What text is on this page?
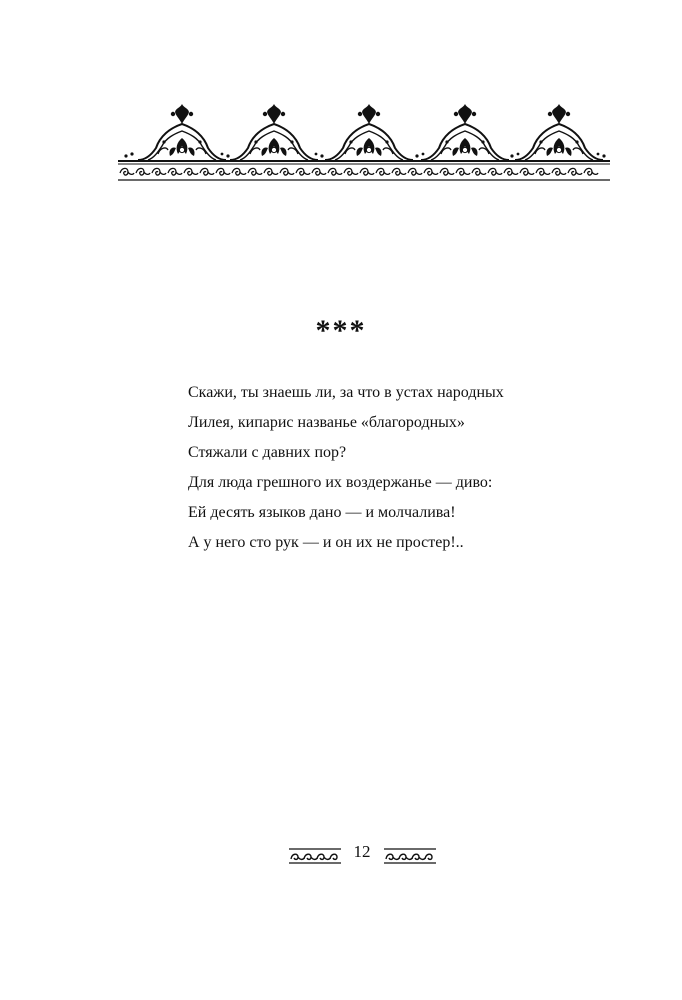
***
Скажи, ты знаешь ли, за что в устах народных
Лилея, кипарис названье «благородных»
Стяжали с давних пор?
Для люда грешного их воздержанье — диво:
Ей десять языков дано — и молчалива!
А у него сто рук — и он их не простер!..
12
